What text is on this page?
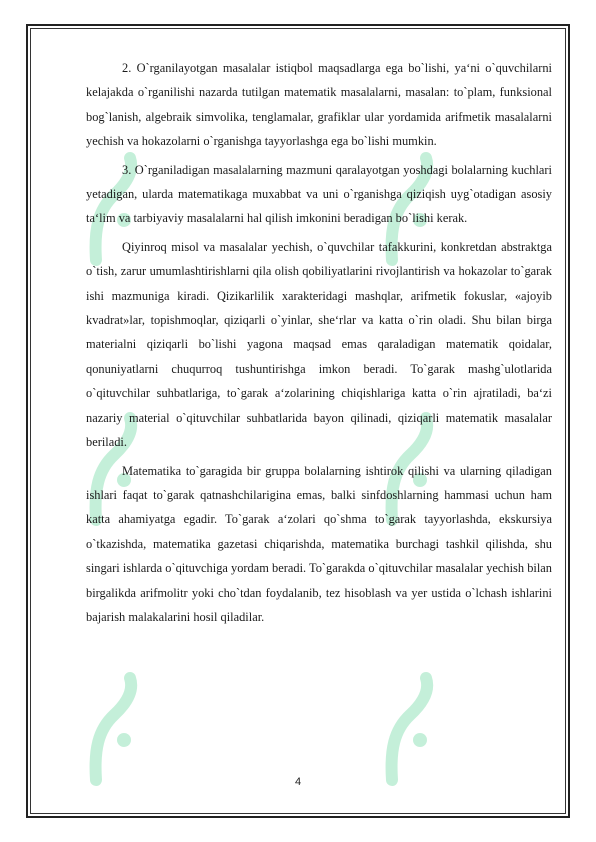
2. O`rganilayotgan masalalar istiqbol maqsadlarga ega bo`lishi, ya‘ni o`quvchilarni kelajakda o`rganilishi nazarda tutilgan matematik masalalarni, masalan: to`plam, funksional bog`lanish, algebraik simvolika, tenglamalar, grafiklar ular yordamida arifmetik masalalarni yechish va hokazolarni o`rganishga tayyorlashga ega bo`lishi mumkin.

3. O`rganiladigan masalalarning mazmuni qaralayotgan yoshdagi bolalarning kuchlari yetadigan, ularda matematikaga muxabbat va uni o`rganishga qiziqish uyg`otadigan asosiy ta‘lim va tarbiyaviy masalalarni hal qilish imkonini beradigan bo`lishi kerak.

Qiyinroq misol va masalalar yechish, o`quvchilar tafakkurini, konkretdan abstraktga o`tish, zarur umumlashtirishlarni qila olish qobiliyatlarini rivojlantirish va hokazolar to`garak ishi mazmuniga kiradi. Qizikarlilik xarakteridagi mashqlar, arifmetik fokuslar, «ajoyib kvadrat»lar, topishmoqlar, qiziqarli o`yinlar, she‘rlar va katta o`rin oladi. Shu bilan birga materialni qiziqarli bo`lishi yagona maqsad emas qaraladigan matematik qoidalar, qonuniyatlarni chuqurroq tushuntirishga imkon beradi. To`garak mashg`ulotlarida o`qituvchilar suhbatlariga, to`garak a‘zolarining chiqishlariga katta o`rin ajratiladi, ba‘zi nazariy material o`qituvchilar suhbatlarida bayon qilinadi, qiziqarli matematik masalalar beriladi.

Matematika to`garagida bir gruppa bolalarning ishtirok qilishi va ularning qiladigan ishlari faqat to`garak qatnashchilarigina emas, balki sinfdoshlarning hammasi uchun ham katta ahamiyatga egadir. To`garak a‘zolari qo`shma to`garak tayyorlashda, ekskursiya o`tkazishda, matematika gazetasi chiqarishda, matematika burchagi tashkil qilishda, shu singari ishlarda o`qituvchiga yordam beradi. To`garakda o`qituvchilar masalalar yechish bilan birgalikda arifmolitr yoki cho`tdan foydalanib, tez hisoblash va yer ustida o`lchash ishlarini bajarish malakalarini hosil qiladilar.

4
